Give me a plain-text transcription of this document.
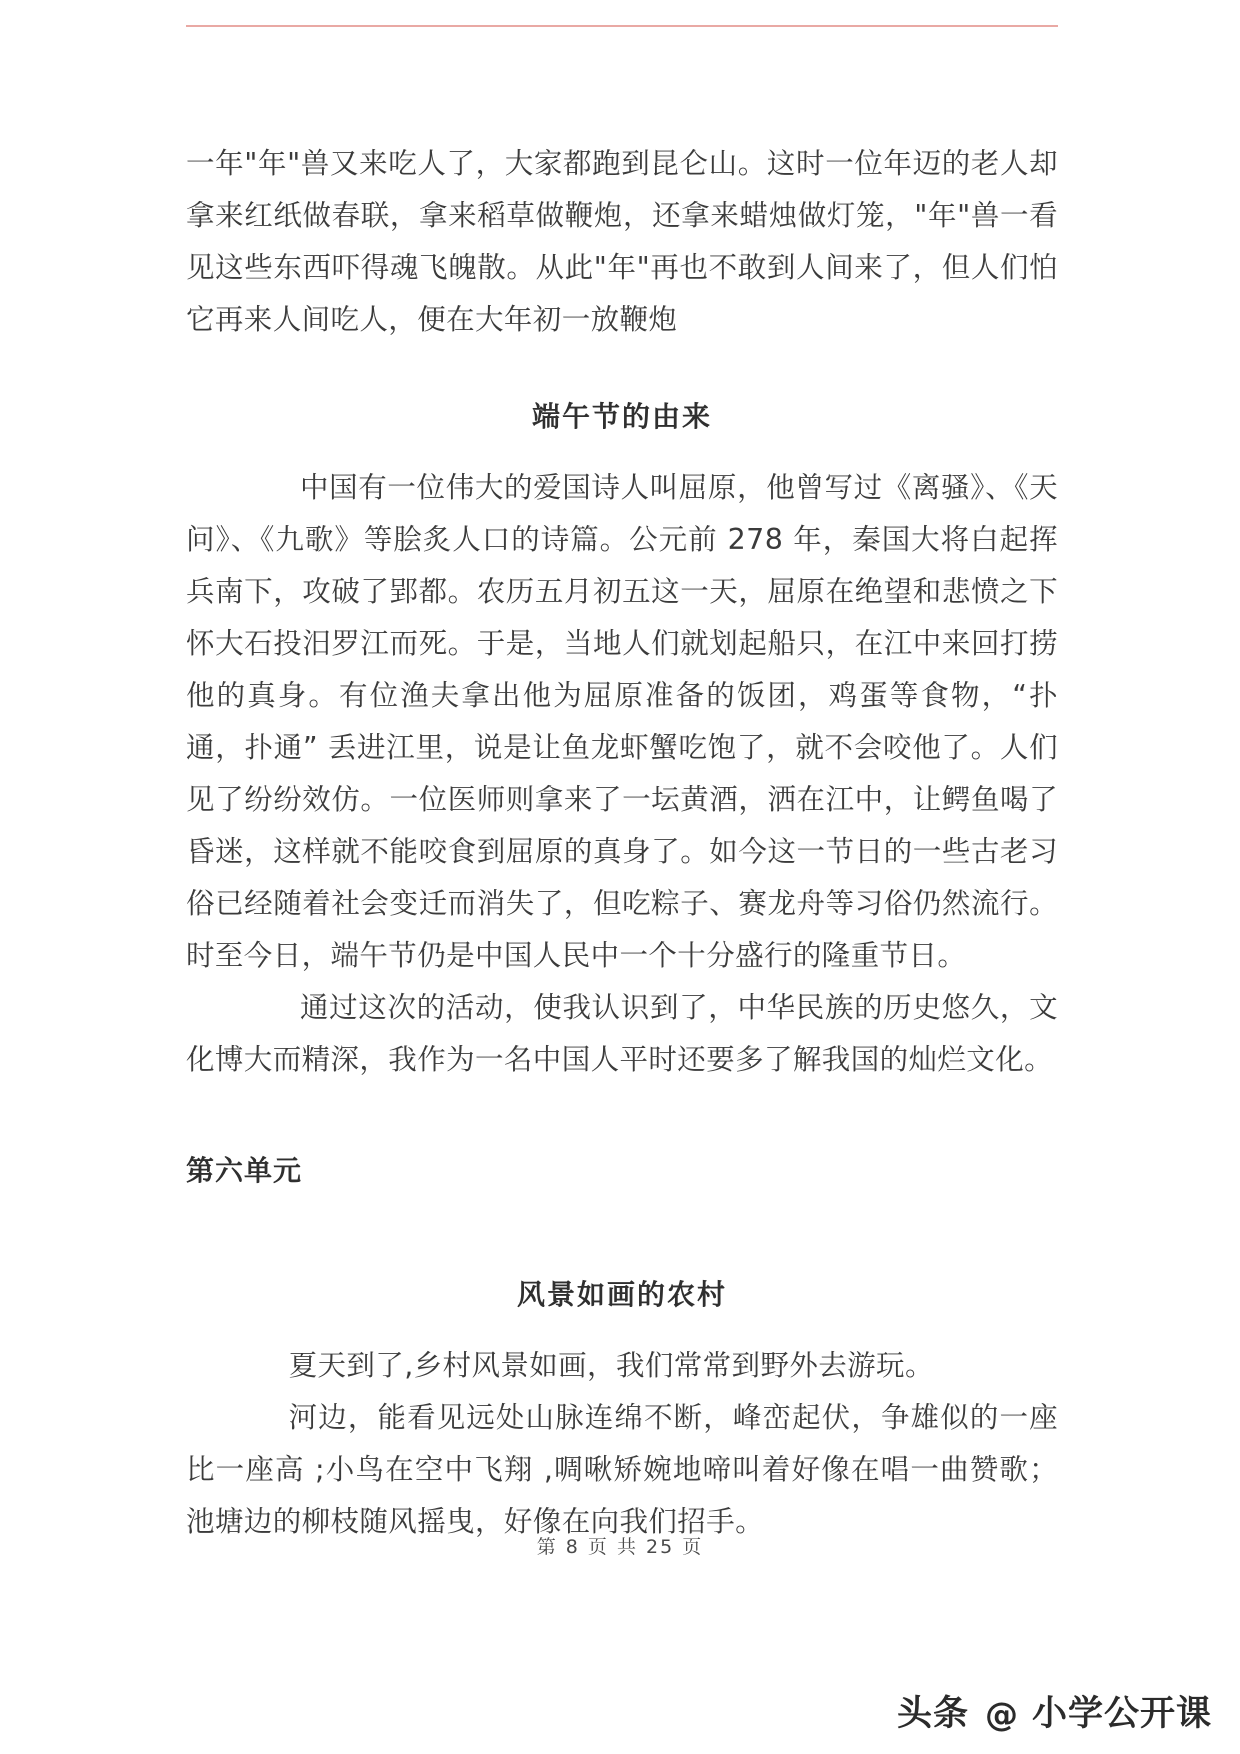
一年"年"兽又来吃人了，大家都跑到昆仑山。这时一位年迈的老人却拿来红纸做春联，拿来稻草做鞭炮，还拿来蜡烛做灯笼，"年"兽一看见这些东西吓得魂飞魄散。从此"年"再也不敢到人间来了，但人们怕它再来人间吃人，便在大年初一放鞭炮

端午节的由来

中国有一位伟大的爱国诗人叫屈原，他曾写过《离骚》、《天问》、《九歌》等脍炙人口的诗篇。公元前 278 年，秦国大将白起挥兵南下，攻破了郢都。农历五月初五这一天，屈原在绝望和悲愤之下怀大石投汨罗江而死。于是，当地人们就划起船只，在江中来回打捞他的真身。有位渔夫拿出他为屈原准备的饭团，鸡蛋等食物，“扑通，扑通” 丢进江里，说是让鱼龙虾蟹吃饱了，就不会咬他了。人们见了纷纷效仿。一位医师则拿来了一坛黄酒，洒在江中，让鳄鱼喝了昏迷，这样就不能咬食到屈原的真身了。如今这一节日的一些古老习俗已经随着社会变迁而消失了，但吃粽子、赛龙舟等习俗仍然流行。时至今日，端午节仍是中国人民中一个十分盛行的隆重节日。

通过这次的活动，使我认识到了，中华民族的历史悠久，文化博大而精深，我作为一名中国人平时还要多了解我国的灿烂文化。

第六单元
风景如画的农村

夏天到了,乡村风景如画，我们常常到野外去游玩。

河边，能看见远处山脉连绵不断，峰峦起伏，争雄似的一座比一座高 ;小鸟在空中飞翔 ,啁啾矫婉地啼叫着好像在唱一曲赞歌；池塘边的柳枝随风摇曳，好像在向我们招手。

第 8 页 共 25 页
头条 @ 小学公开课
